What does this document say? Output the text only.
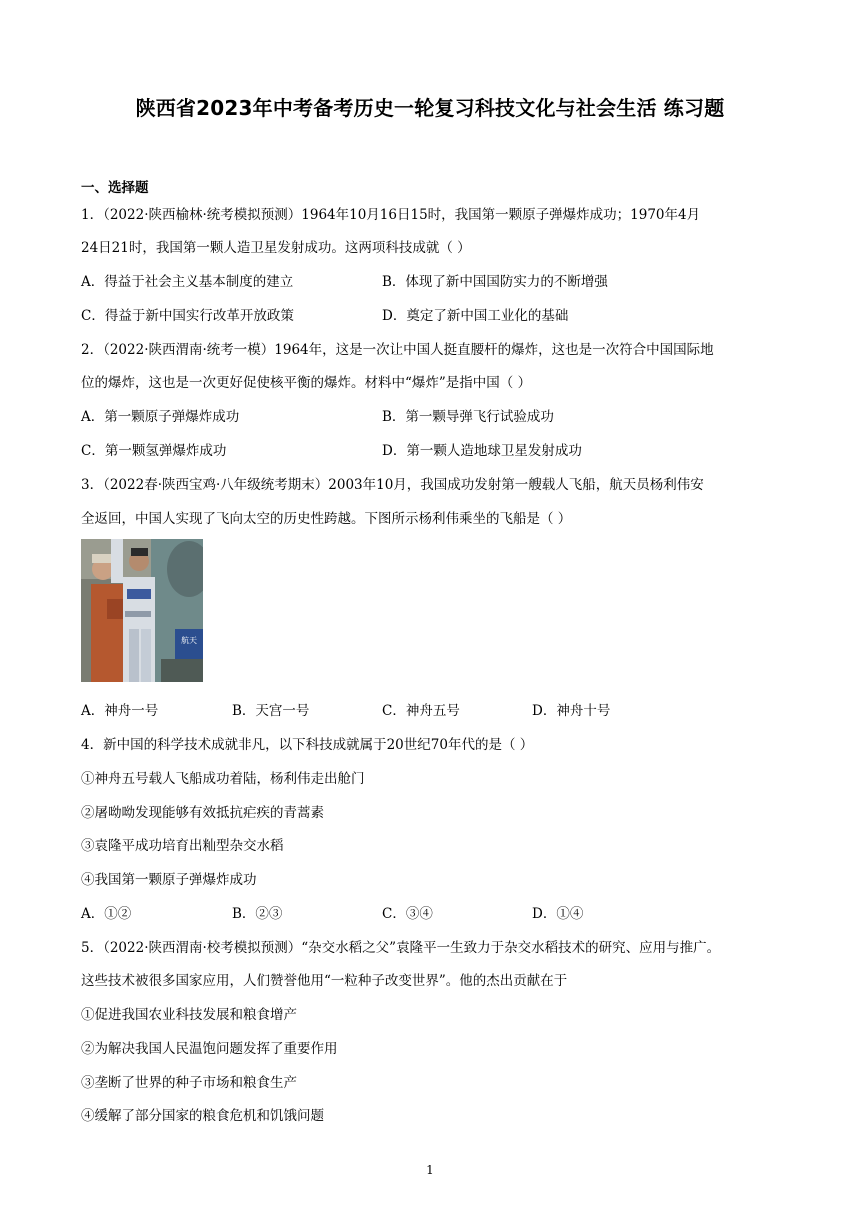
陕西省2023年中考备考历史一轮复习科技文化与社会生活 练习题
一、选择题
1．（2022·陕西榆林·统考模拟预测）1964年10月16日15时，我国第一颗原子弹爆炸成功；1970年4月
24日21时，我国第一颗人造卫星发射成功。这两项科技成就（ ）
A．得益于社会主义基本制度的建立	B．体现了新中国国防实力的不断增强
C．得益于新中国实行改革开放政策	D．奠定了新中国工业化的基础
2．（2022·陕西渭南·统考一模）1964年，这是一次让中国人挺直腰杆的爆炸，这也是一次符合中国国际地
位的爆炸，这也是一次更好促使核平衡的爆炸。材料中“爆炸”是指中国（ ）
A．第一颗原子弹爆炸成功	B．第一颗导弹飞行试验成功
C．第一颗氢弹爆炸成功	D．第一颗人造地球卫星发射成功
3．（2022春·陕西宝鸡·八年级统考期末）2003年10月，我国成功发射第一艘载人飞船，航天员杨利伟安
全返回，中国人实现了飞向太空的历史性跨越。下图所示杨利伟乘坐的飞船是（ ）
航天
A．神舟一号	B．天宫一号	C．神舟五号	D．神舟十号
4．新中国的科学技术成就非凡，以下科技成就属于20世纪70年代的是（ ）
①神舟五号载人飞船成功着陆，杨利伟走出舱门
②屠呦呦发现能够有效抵抗疟疾的青蒿素
③袁隆平成功培育出籼型杂交水稻
④我国第一颗原子弹爆炸成功
A．①②	B．②③	C．③④	D．①④
5．（2022·陕西渭南·校考模拟预测）“杂交水稻之父”袁隆平一生致力于杂交水稻技术的研究、应用与推广。
这些技术被很多国家应用，人们赞誉他用“一粒种子改变世界”。他的杰出贡献在于
①促进我国农业科技发展和粮食增产
②为解决我国人民温饱问题发挥了重要作用
③垄断了世界的种子市场和粮食生产
④缓解了部分国家的粮食危机和饥饿问题
1
